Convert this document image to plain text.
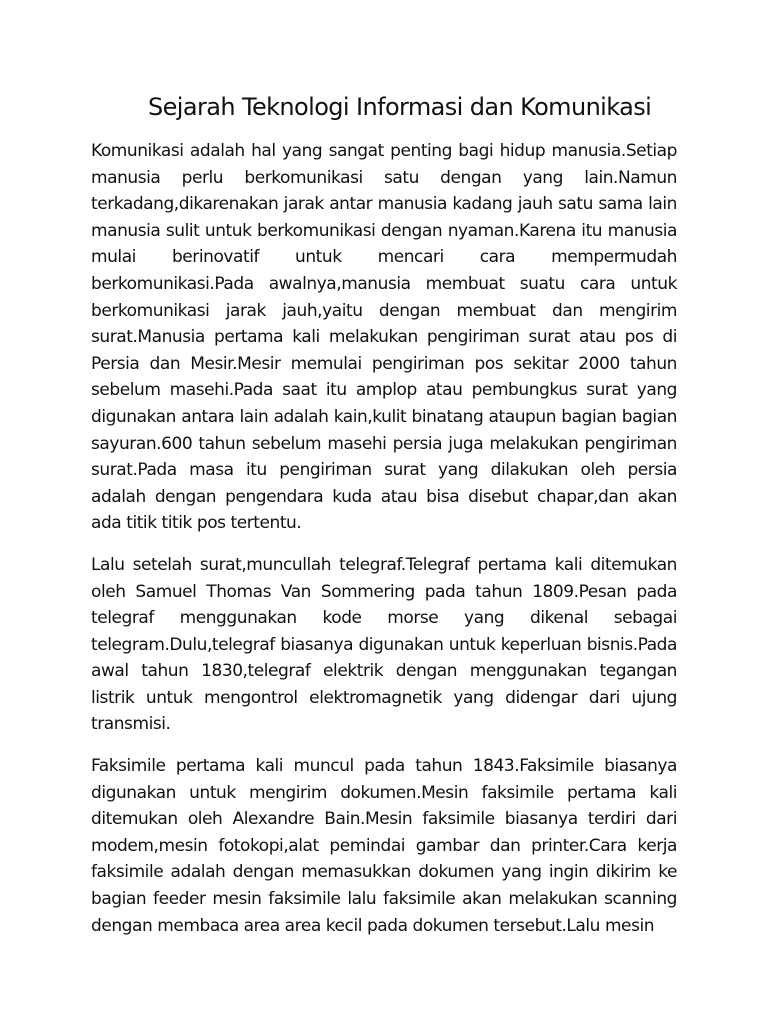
Sejarah Teknologi Informasi dan Komunikasi

Komunikasi adalah hal yang sangat penting bagi hidup manusia.Setiap manusia perlu berkomunikasi satu dengan yang lain.Namun terkadang,dikarenakan jarak antar manusia kadang jauh satu sama lain manusia sulit untuk berkomunikasi dengan nyaman.Karena itu manusia mulai berinovatif untuk mencari cara mempermudah berkomunikasi.Pada awalnya,manusia membuat suatu cara untuk berkomunikasi jarak jauh,yaitu dengan membuat dan mengirim surat.Manusia pertama kali melakukan pengiriman surat atau pos di Persia dan Mesir.Mesir memulai pengiriman pos sekitar 2000 tahun sebelum masehi.Pada saat itu amplop atau pembungkus surat yang digunakan antara lain adalah kain,kulit binatang ataupun bagian bagian sayuran.600 tahun sebelum masehi persia juga melakukan pengiriman surat.Pada masa itu pengiriman surat yang dilakukan oleh persia adalah dengan pengendara kuda atau bisa disebut chapar,dan akan ada titik titik pos tertentu.

Lalu setelah surat,muncullah telegraf.Telegraf pertama kali ditemukan oleh Samuel Thomas Van Sommering pada tahun 1809.Pesan pada telegraf menggunakan kode morse yang dikenal sebagai telegram.Dulu,telegraf biasanya digunakan untuk keperluan bisnis.Pada awal tahun 1830,telegraf elektrik dengan menggunakan tegangan listrik untuk mengontrol elektromagnetik yang didengar dari ujung transmisi.

Faksimile pertama kali muncul pada tahun 1843.Faksimile biasanya digunakan untuk mengirim dokumen.Mesin faksimile pertama kali ditemukan oleh Alexandre Bain.Mesin faksimile biasanya terdiri dari modem,mesin fotokopi,alat pemindai gambar dan printer.Cara kerja faksimile adalah dengan memasukkan dokumen yang ingin dikirim ke bagian feeder mesin faksimile lalu faksimile akan melakukan scanning dengan membaca area area kecil pada dokumen tersebut.Lalu mesin
